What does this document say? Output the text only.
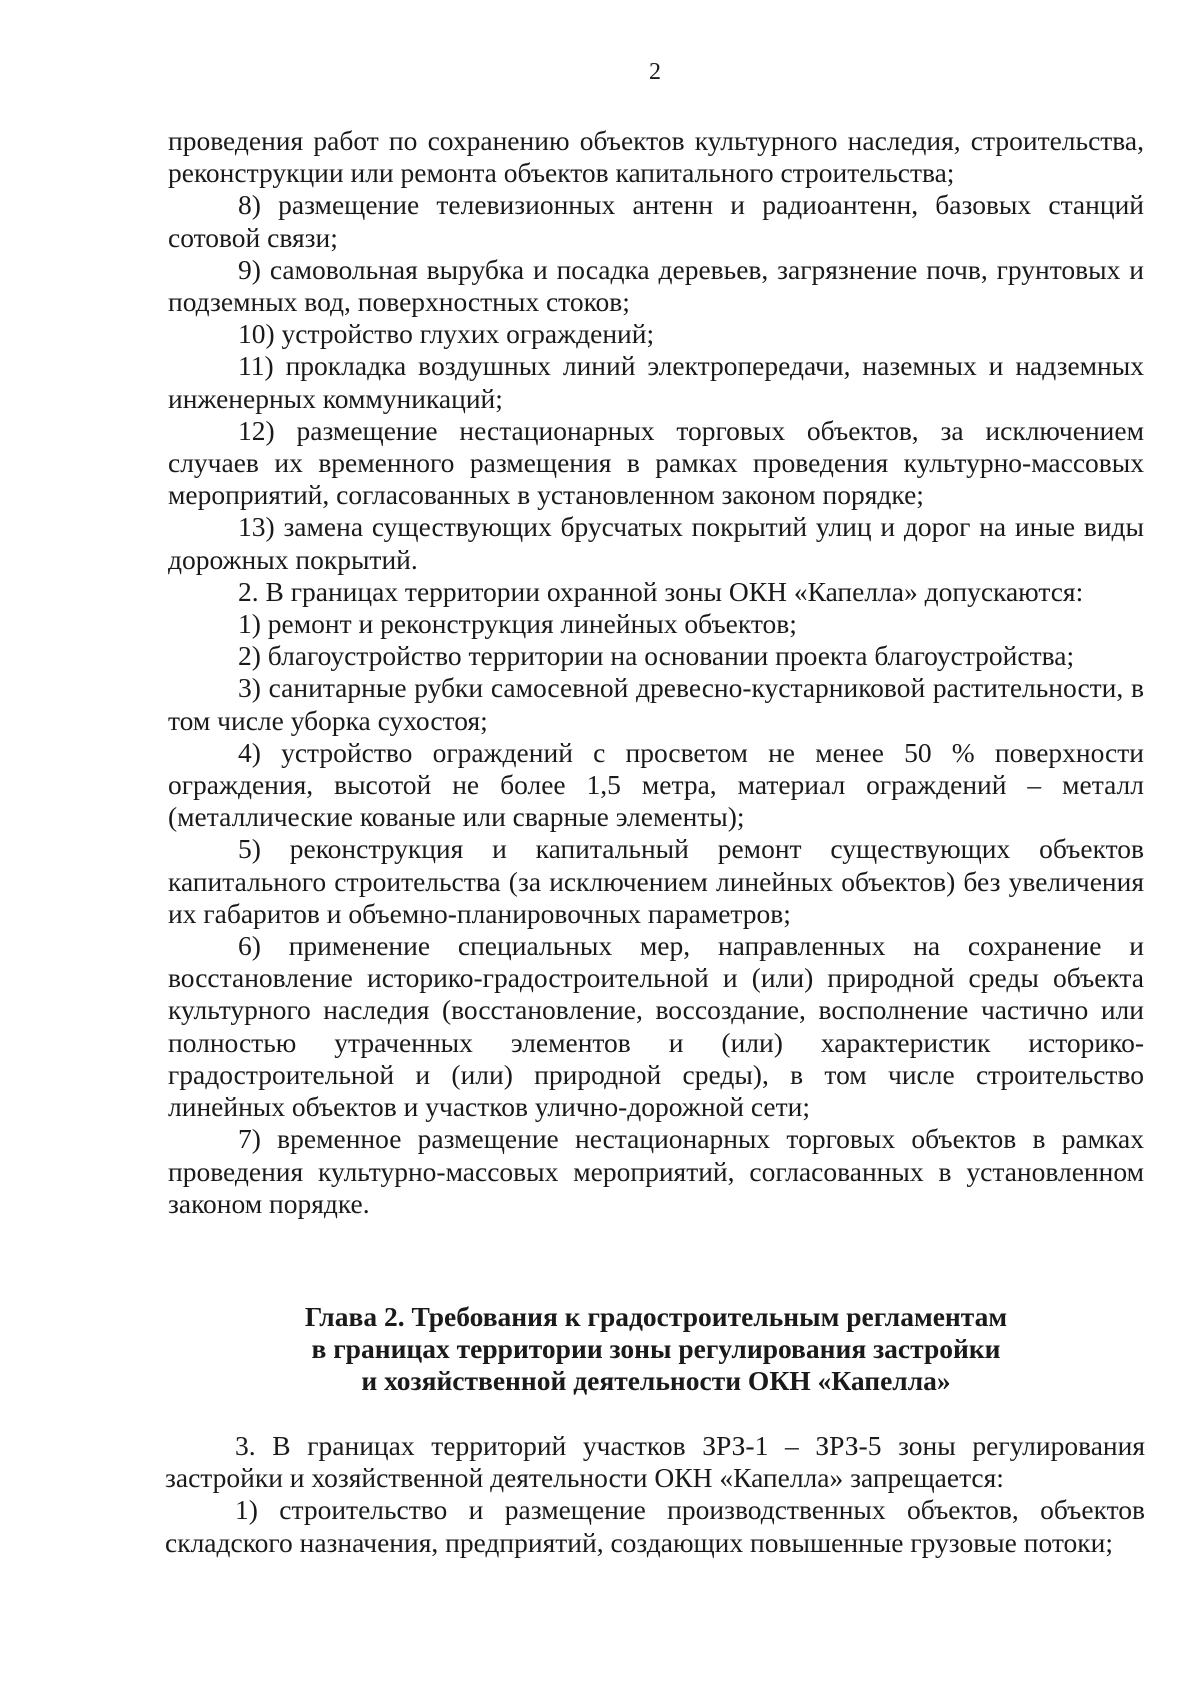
2

проведения работ по сохранению объектов культурного наследия, строительства, реконструкции или ремонта объектов капитального строительства;

8) размещение телевизионных антенн и радиоантенн, базовых станций сотовой связи;

9) самовольная вырубка и посадка деревьев, загрязнение почв, грунтовых и подземных вод, поверхностных стоков;

10) устройство глухих ограждений;

11) прокладка воздушных линий электропередачи, наземных и надземных инженерных коммуникаций;

12) размещение нестационарных торговых объектов, за исключением случаев их временного размещения в рамках проведения культурно-массовых мероприятий, согласованных в установленном законом порядке;

13) замена существующих брусчатых покрытий улиц и дорог на иные виды дорожных покрытий.

2. В границах территории охранной зоны ОКН «Капелла» допускаются:

1) ремонт и реконструкция линейных объектов;

2) благоустройство территории на основании проекта благоустройства;

3) санитарные рубки самосевной древесно-кустарниковой растительности, в том числе уборка сухостоя;

4) устройство ограждений с просветом не менее 50 % поверхности ограждения, высотой не более 1,5 метра, материал ограждений – металл (металлические кованые или сварные элементы);

5) реконструкция и капитальный ремонт существующих объектов капитального строительства (за исключением линейных объектов) без увеличения их габаритов и объемно-планировочных параметров;

6) применение специальных мер, направленных на сохранение и восстановление историко-градостроительной и (или) природной среды объекта культурного наследия (восстановление, воссоздание, восполнение частично или полностью утраченных элементов и (или) характеристик историко-градостроительной и (или) природной среды), в том числе строительство линейных объектов и участков улично-дорожной сети;

7) временное размещение нестационарных торговых объектов в рамках проведения культурно-массовых мероприятий, согласованных в установленном законом порядке.

Глава 2. Требования к градостроительным регламентам
в границах территории зоны регулирования застройки
и хозяйственной деятельности ОКН «Капелла»

3. В границах территорий участков ЗРЗ-1 – ЗРЗ-5 зоны регулирования застройки и хозяйственной деятельности ОКН «Капелла» запрещается:

1) строительство и размещение производственных объектов, объектов складского назначения, предприятий, создающих повышенные грузовые потоки;
